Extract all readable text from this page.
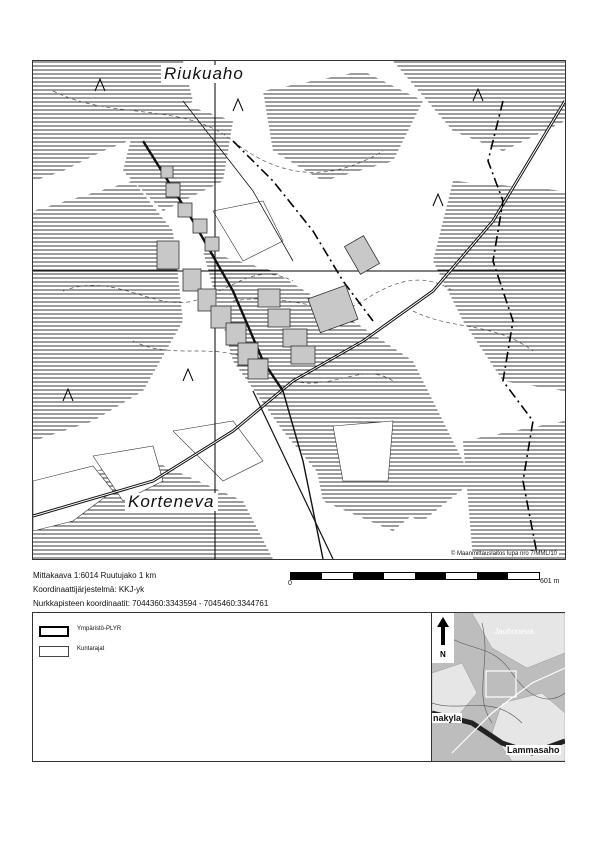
Riukuaho
Korteneva
© Maanmittauslaitos lupa nro 7/MML/10
Mittakaava 1:6014 Ruutujako 1 km
Koordinaattijärjestelmä: KKJ-yk
Nurkkapisteen koordinaatit: 7044360:3343594 - 7045460:3344761
0	601 m
Ympäristö-PLYR
Kuntarajat
N
Jauhoneva
nakyla
Lammasaho
